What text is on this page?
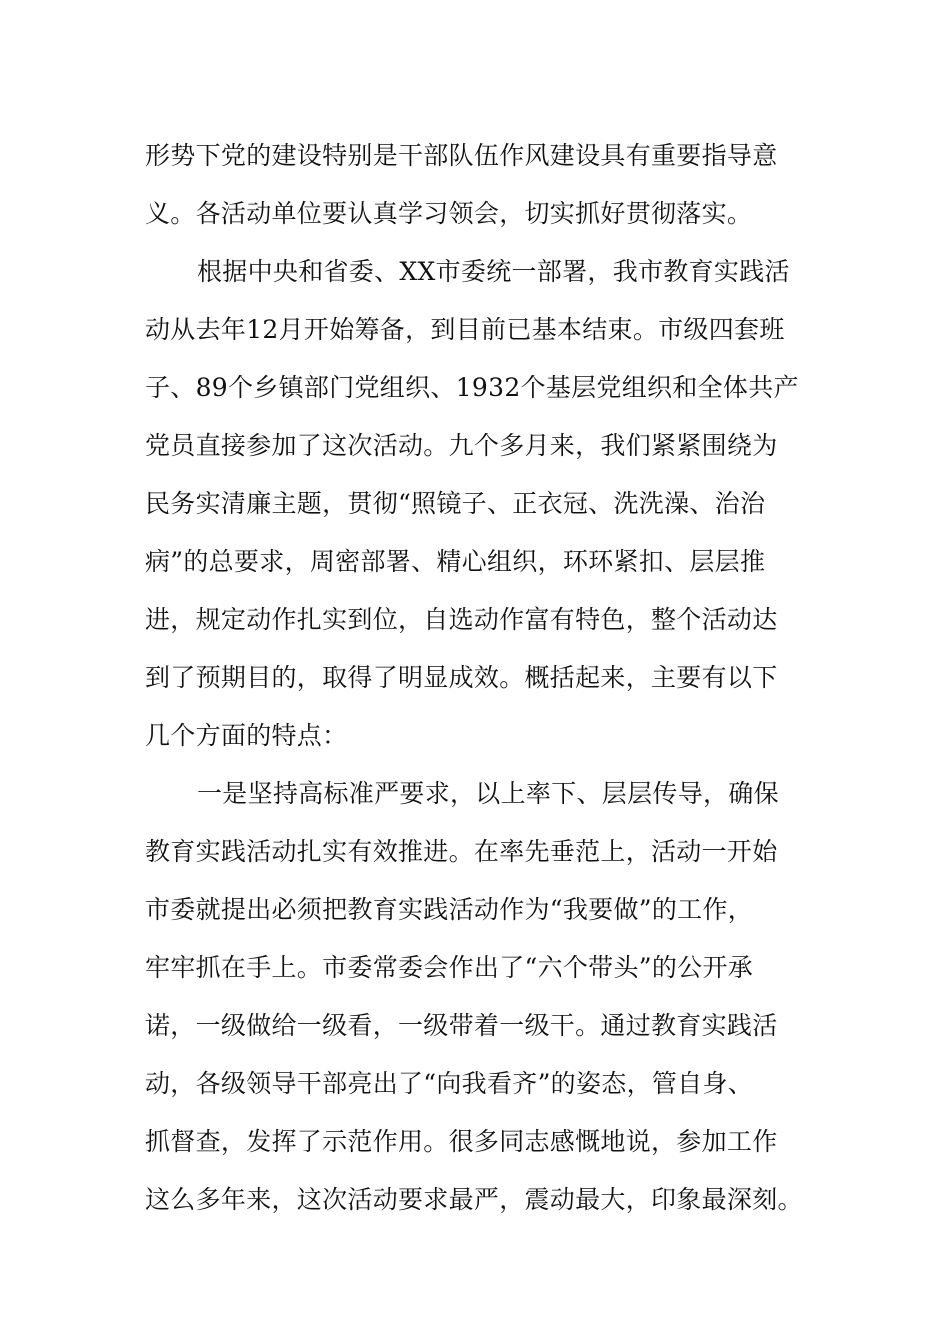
形势下党的建设特别是干部队伍作风建设具有重要指导意
义。各活动单位要认真学习领会，切实抓好贯彻落实。
根据中央和省委、XX市委统一部署，我市教育实践活
动从去年12月开始筹备，到目前已基本结束。市级四套班
子、89个乡镇部门党组织、1932个基层党组织和全体共产
党员直接参加了这次活动。九个多月来，我们紧紧围绕为
民务实清廉主题，贯彻“照镜子、正衣冠、洗洗澡、治治
病”的总要求，周密部署、精心组织，环环紧扣、层层推
进，规定动作扎实到位，自选动作富有特色，整个活动达
到了预期目的，取得了明显成效。概括起来，主要有以下
几个方面的特点：
一是坚持高标准严要求，以上率下、层层传导，确保
教育实践活动扎实有效推进。在率先垂范上，活动一开始
市委就提出必须把教育实践活动作为“我要做”的工作，
牢牢抓在手上。市委常委会作出了“六个带头”的公开承
诺，一级做给一级看，一级带着一级干。通过教育实践活
动，各级领导干部亮出了“向我看齐”的姿态，管自身、
抓督查，发挥了示范作用。很多同志感慨地说，参加工作
这么多年来，这次活动要求最严，震动最大，印象最深刻。
